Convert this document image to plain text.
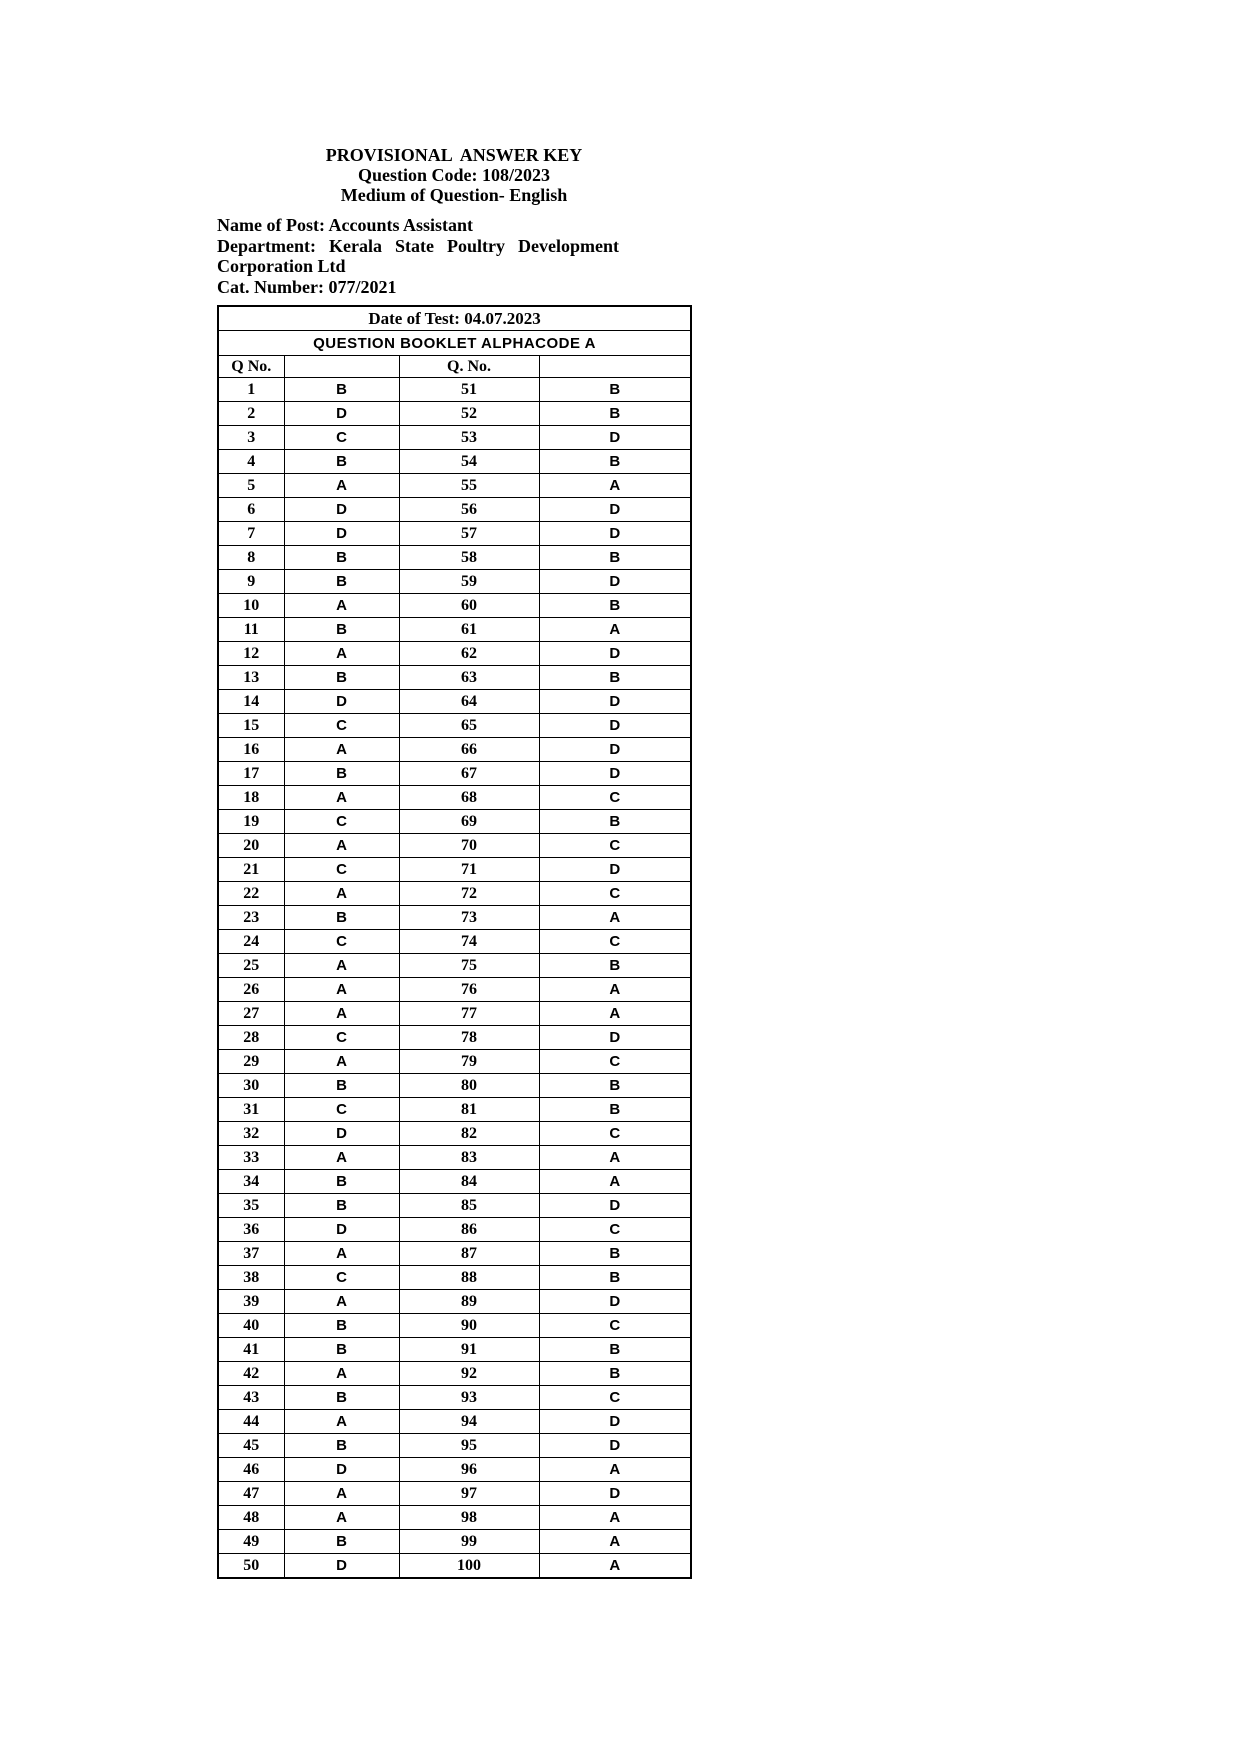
PROVISIONAL  ANSWER KEY
Question Code: 108/2023
Medium of Question- English
Name of Post: Accounts Assistant
Department: Kerala State Poultry Development
Corporation Ltd
Cat. Number: 077/2021
Date of Test: 04.07.2023			
QUESTION BOOKLET ALPHACODE A			
Q No.		Q. No.	
1	B	51	B
2	D	52	B
3	C	53	D
4	B	54	B
5	A	55	A
6	D	56	D
7	D	57	D
8	B	58	B
9	B	59	D
10	A	60	B
11	B	61	A
12	A	62	D
13	B	63	B
14	D	64	D
15	C	65	D
16	A	66	D
17	B	67	D
18	A	68	C
19	C	69	B
20	A	70	C
21	C	71	D
22	A	72	C
23	B	73	A
24	C	74	C
25	A	75	B
26	A	76	A
27	A	77	A
28	C	78	D
29	A	79	C
30	B	80	B
31	C	81	B
32	D	82	C
33	A	83	A
34	B	84	A
35	B	85	D
36	D	86	C
37	A	87	B
38	C	88	B
39	A	89	D
40	B	90	C
41	B	91	B
42	A	92	B
43	B	93	C
44	A	94	D
45	B	95	D
46	D	96	A
47	A	97	D
48	A	98	A
49	B	99	A
50	D	100	A
